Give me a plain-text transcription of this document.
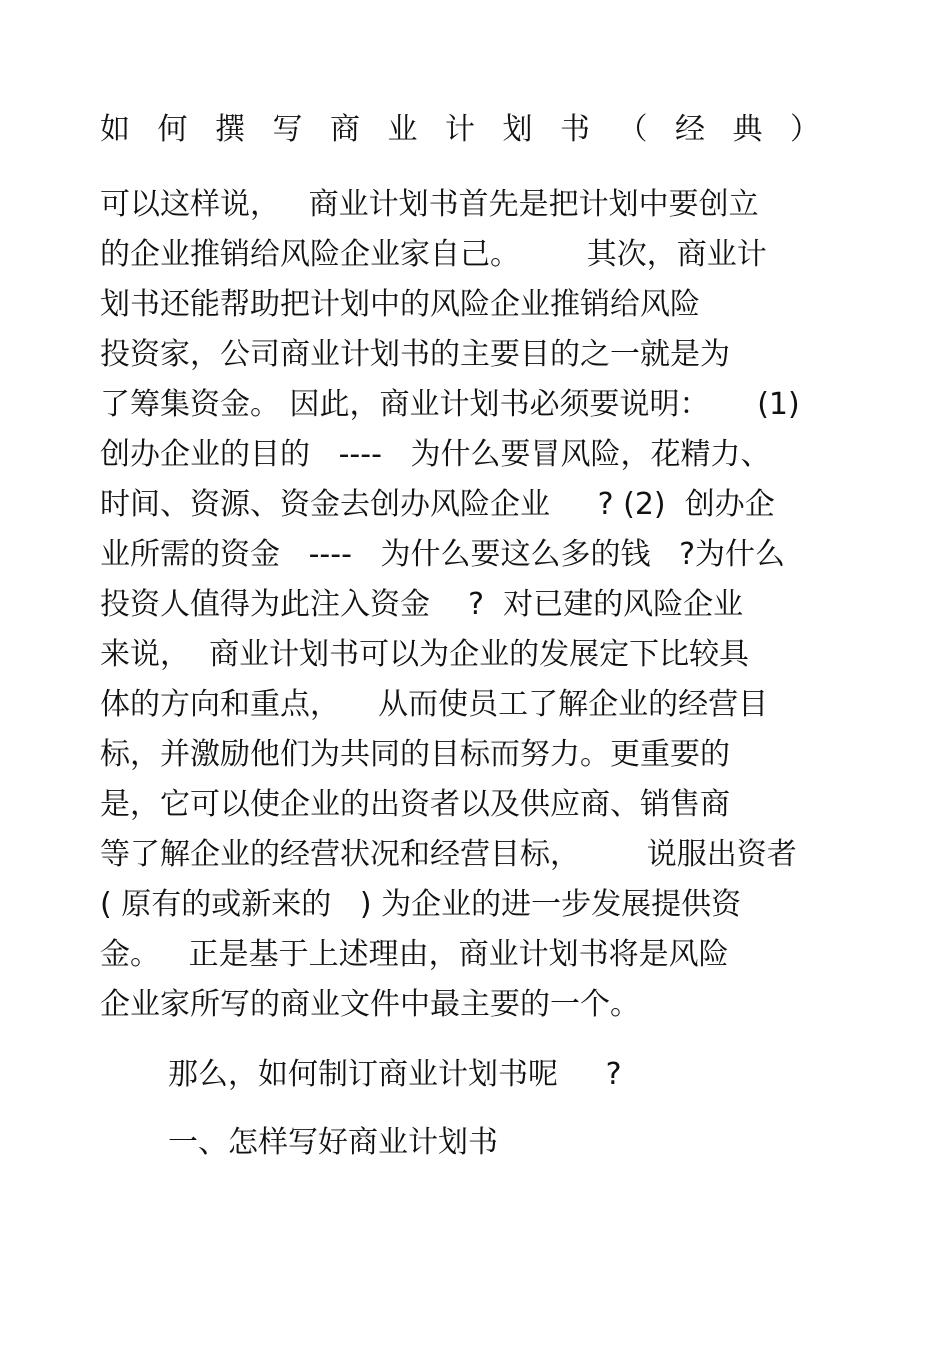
如 何 撰 写 商 业 计 划 书 （ 经 典 ）
可以这样说，   商业计划书首先是把计划中要创立
的企业推销给风险企业家自己。       其次，商业计
划书还能帮助把计划中的风险企业推销给风险
投资家，公司商业计划书的主要目的之一就是为
了筹集资金。 因此，商业计划书必须要说明：     (1)
创办企业的目的   ----   为什么要冒风险，花精力、
时间、资源、资金去创办风险企业     ? (2)  创办企
业所需的资金   ----   为什么要这么多的钱   ?为什么
投资人值得为此注入资金    ?  对已建的风险企业
来说，  商业计划书可以为企业的发展定下比较具
体的方向和重点，    从而使员工了解企业的经营目
标，并激励他们为共同的目标而努力。更重要的
是，它可以使企业的出资者以及供应商、销售商
等了解企业的经营状况和经营目标，       说服出资者
( 原有的或新来的   ) 为企业的进一步发展提供资
金。   正是基于上述理由，商业计划书将是风险
企业家所写的商业文件中最主要的一个。

那么，如何制订商业计划书呢     ?

一、怎样写好商业计划书
